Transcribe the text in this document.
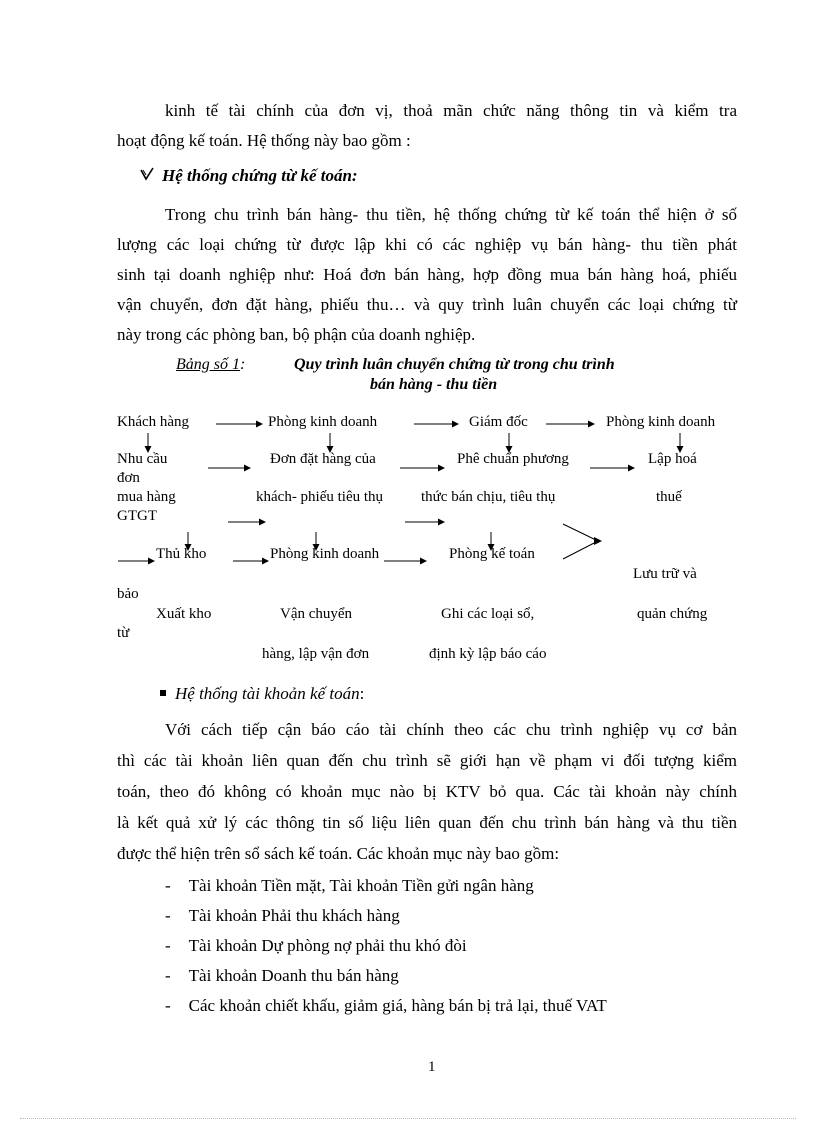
kinh tế tài chính của đơn vị, thoả mãn chức năng thông tin và kiểm tra
hoạt động kế toán. Hệ thống này bao gồm :
Hệ thống chứng từ kế toán:
Trong chu trình bán hàng- thu tiền, hệ thống chứng từ kế toán thể hiện ở số
lượng các loại chứng từ được lập khi có các nghiệp vụ bán hàng- thu tiền phát
sinh tại doanh nghiệp như: Hoá đơn bán hàng, hợp đồng mua bán hàng hoá, phiếu
vận chuyển, đơn đặt hàng, phiếu thu… và quy trình luân chuyển các loại chứng từ
này trong các phòng ban, bộ phận của doanh nghiệp.
Bảng số 1:	Quy trình luân chuyển chứng từ trong chu trình
bán hàng - thu tiền
Khách hàng	Phòng kinh doanh	Giám đốc	Phòng kinh doanh
Nhu cầu	Đơn đặt hàng của	Phê chuẩn phương	Lập hoá
đơn
mua hàng	khách- phiếu tiêu thụ	thức bán chịu, tiêu thụ	thuế
GTGT
Thủ kho	Phòng kinh doanh	Phòng kế toán
Lưu trữ và
bảo
Xuất kho	Vận chuyển	Ghi các loại sổ,	quản chứng
từ
hàng, lập vận đơn	định kỳ lập báo cáo
Hệ thống tài khoản kế toán:
Với cách tiếp cận báo cáo tài chính theo các chu trình nghiệp vụ cơ bản
thì các tài khoản liên quan đến chu trình sẽ giới hạn về phạm vi đối tượng kiểm
toán, theo đó không có khoản mục nào bị KTV bỏ qua. Các tài khoản này chính
là kết quả xử lý các thông tin số liệu liên quan đến chu trình bán hàng và thu tiền
được thể hiện trên sổ sách kế toán. Các khoản mục này bao gồm:
- Tài khoản Tiền mặt, Tài khoản Tiền gửi ngân hàng
- Tài khoản Phải thu khách hàng
- Tài khoản Dự phòng nợ phải thu khó đòi
- Tài khoản Doanh thu bán hàng
- Các khoản chiết khấu, giảm giá, hàng bán bị trả lại, thuế VAT
1
